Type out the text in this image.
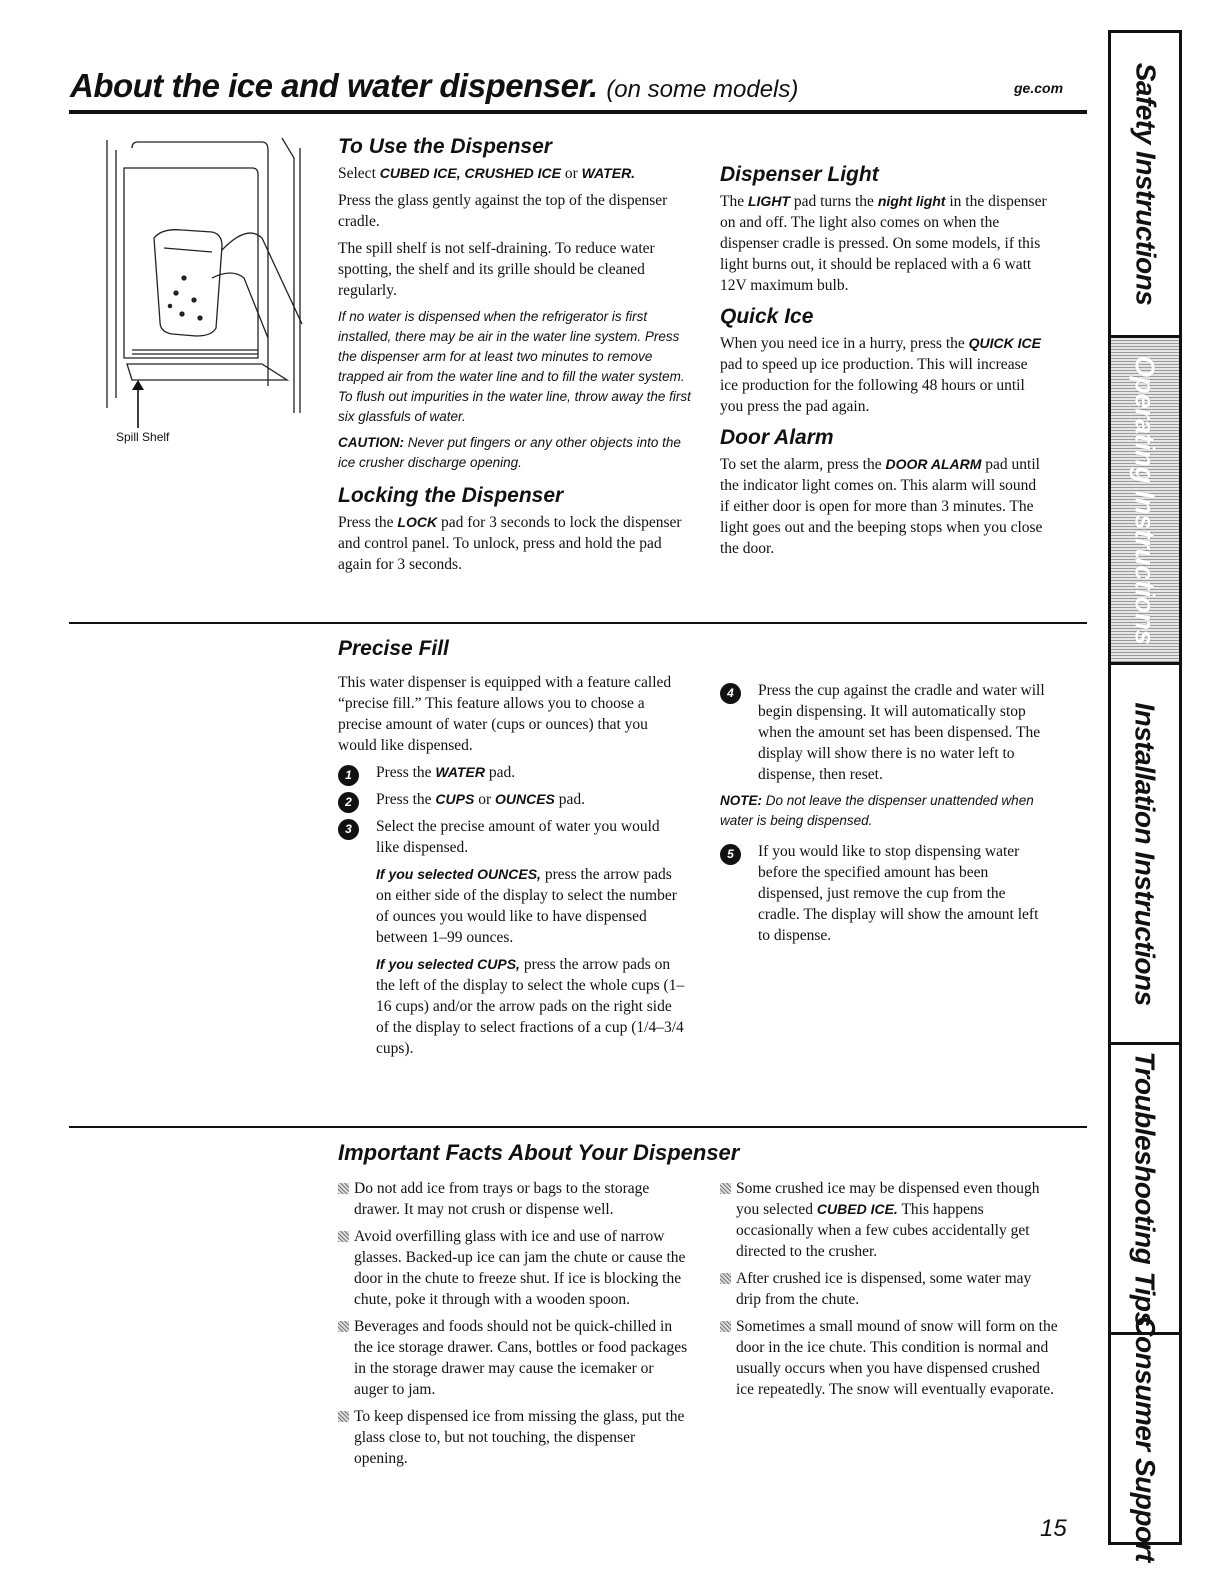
About the ice and water dispenser. (on some models)	ge.com
Spill Shelf
To Use the Dispenser

Select CUBED ICE, CRUSHED ICE or WATER.

Press the glass gently against the top of the dispenser cradle.

The spill shelf is not self-draining. To reduce water spotting, the shelf and its grille should be cleaned regularly.

If no water is dispensed when the refrigerator is first installed, there may be air in the water line system. Press the dispenser arm for at least two minutes to remove trapped air from the water line and to fill the water system. To flush out impurities in the water line, throw away the first six glassfuls of water.

CAUTION: Never put fingers or any other objects into the ice crusher discharge opening.

Locking the Dispenser

Press the LOCK pad for 3 seconds to lock the dispenser and control panel. To unlock, press and hold the pad again for 3 seconds.

Dispenser Light

The LIGHT pad turns the night light in the dispenser on and off. The light also comes on when the dispenser cradle is pressed. On some models, if this light burns out, it should be replaced with a 6 watt 12V maximum bulb.

Quick Ice

When you need ice in a hurry, press the QUICK ICE pad to speed up ice production. This will increase ice production for the following 48 hours or until you press the pad again.

Door Alarm

To set the alarm, press the DOOR ALARM pad until the indicator light comes on. This alarm will sound if either door is open for more than 3 minutes. The light goes out and the beeping stops when you close the door.

Precise Fill

This water dispenser is equipped with a feature called “precise fill.” This feature allows you to choose a precise amount of water (cups or ounces) that you would like dispensed.

1	Press the WATER pad.

2	Press the CUPS or OUNCES pad.

3	Select the precise amount of water you would like dispensed.

If you selected OUNCES, press the arrow pads on either side of the display to select the number of ounces you would like to have dispensed between 1–99 ounces.

If you selected CUPS, press the arrow pads on the left of the display to select the whole cups (1–16 cups) and/or the arrow pads on the right side of the display to select fractions of a cup (1/4–3/4 cups).

4	Press the cup against the cradle and water will begin dispensing. It will automatically stop when the amount set has been dispensed. The display will show there is no water left to dispense, then reset.

NOTE: Do not leave the dispenser unattended when water is being dispensed.

5	If you would like to stop dispensing water before the specified amount has been dispensed, just remove the cup from the cradle. The display will show the amount left to dispense.

Important Facts About Your Dispenser

Do not add ice from trays or bags to the storage drawer. It may not crush or dispense well.

Avoid overfilling glass with ice and use of narrow glasses. Backed-up ice can jam the chute or cause the door in the chute to freeze shut. If ice is blocking the chute, poke it through with a wooden spoon.

Beverages and foods should not be quick-chilled in the ice storage drawer. Cans, bottles or food packages in the storage drawer may cause the icemaker or auger to jam.

To keep dispensed ice from missing the glass, put the glass close to, but not touching, the dispenser opening.

Some crushed ice may be dispensed even though you selected CUBED ICE. This happens occasionally when a few cubes accidentally get directed to the crusher.

After crushed ice is dispensed, some water may drip from the chute.

Sometimes a small mound of snow will form on the door in the ice chute. This condition is normal and usually occurs when you have dispensed crushed ice repeatedly. The snow will eventually evaporate.

Safety Instructions
Operating Instructions
Installation Instructions
Troubleshooting Tips
Consumer Support
15
